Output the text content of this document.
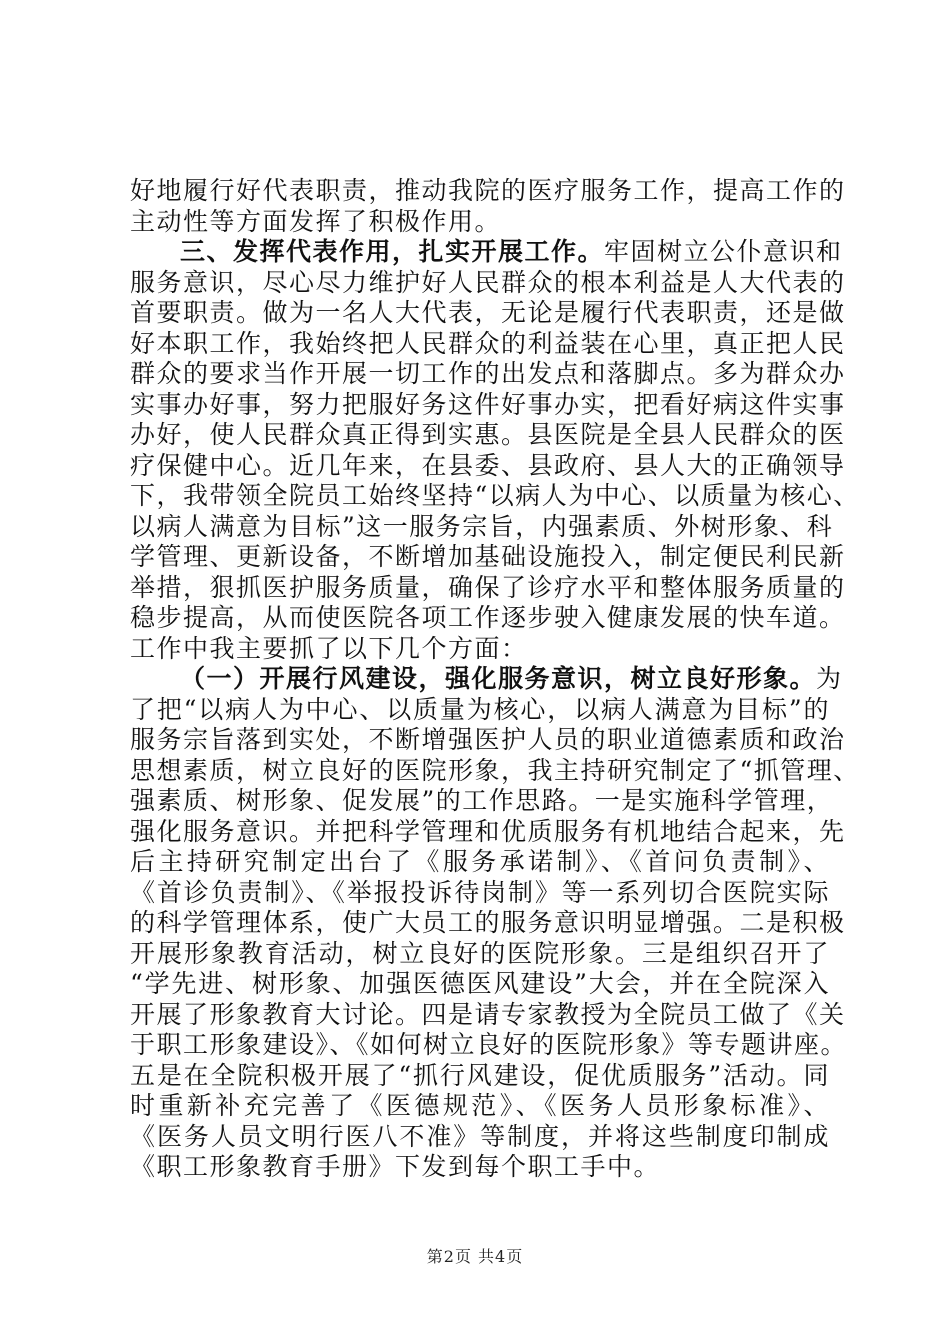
好地履行好代表职责，推动我院的医疗服务工作，提高工作的
主动性等方面发挥了积极作用。
三、发挥代表作用，扎实开展工作。牢固树立公仆意识和
服务意识，尽心尽力维护好人民群众的根本利益是人大代表的
首要职责。做为一名人大代表，无论是履行代表职责，还是做
好本职工作，我始终把人民群众的利益装在心里，真正把人民
群众的要求当作开展一切工作的出发点和落脚点。多为群众办
实事办好事，努力把服好务这件好事办实，把看好病这件实事
办好，使人民群众真正得到实惠。县医院是全县人民群众的医
疗保健中心。近几年来，在县委、县政府、县人大的正确领导
下，我带领全院员工始终坚持“以病人为中心、以质量为核心、
以病人满意为目标”这一服务宗旨，内强素质、外树形象、科
学管理、更新设备，不断增加基础设施投入，制定便民利民新
举措，狠抓医护服务质量，确保了诊疗水平和整体服务质量的
稳步提高，从而使医院各项工作逐步驶入健康发展的快车道。
工作中我主要抓了以下几个方面：
（一）开展行风建设，强化服务意识，树立良好形象。为
了把“以病人为中心、以质量为核心，以病人满意为目标”的
服务宗旨落到实处，不断增强医护人员的职业道德素质和政治
思想素质，树立良好的医院形象，我主持研究制定了“抓管理、
强素质、树形象、促发展”的工作思路。一是实施科学管理，
强化服务意识。并把科学管理和优质服务有机地结合起来，先
后主持研究制定出台了《服务承诺制》、《首问负责制》、
《首诊负责制》、《举报投诉待岗制》等一系列切合医院实际
的科学管理体系，使广大员工的服务意识明显增强。二是积极
开展形象教育活动，树立良好的医院形象。三是组织召开了
“学先进、树形象、加强医德医风建设”大会，并在全院深入
开展了形象教育大讨论。四是请专家教授为全院员工做了《关
于职工形象建设》、《如何树立良好的医院形象》等专题讲座。
五是在全院积极开展了“抓行风建设，促优质服务”活动。同
时重新补充完善了《医德规范》、《医务人员形象标准》、
《医务人员文明行医八不准》等制度，并将这些制度印制成
《职工形象教育手册》下发到每个职工手中。
第2页 共4页
